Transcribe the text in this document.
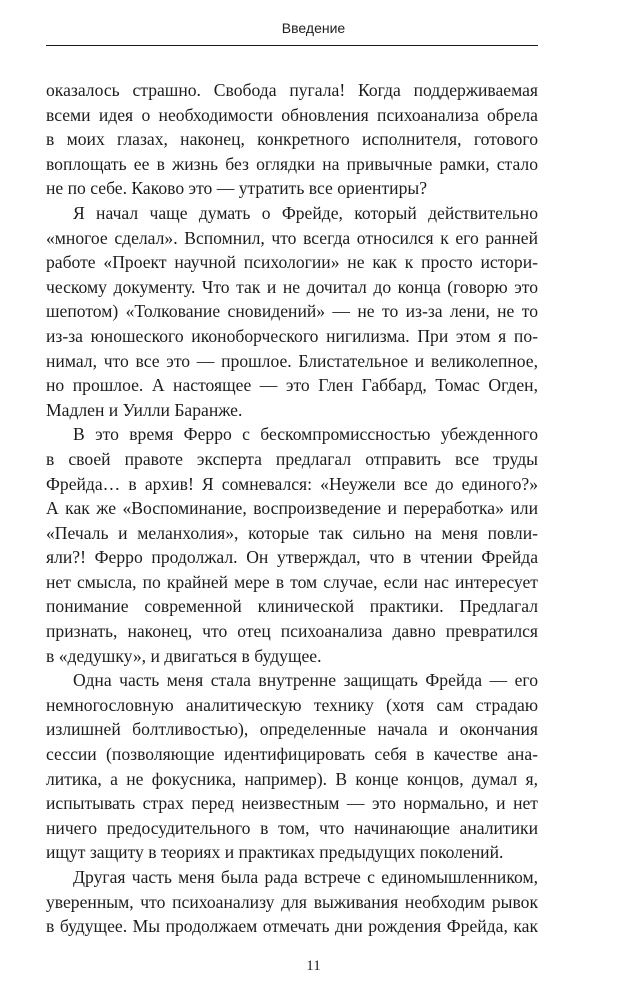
Введение
оказалось страшно. Свобода пугала! Когда поддерживаемая
всеми идея о необходимости обновления психоанализа обрела
в моих глазах, наконец, конкретного исполнителя, готового
воплощать ее в жизнь без оглядки на привычные рамки, стало
не по себе. Каково это — утратить все ориентиры?
Я начал чаще думать о Фрейде, который действительно
«многое сделал». Вспомнил, что всегда относился к его ранней
работе «Проект научной психологии» не как к просто истори-
ческому документу. Что так и не дочитал до конца (говорю это
шепотом) «Толкование сновидений» — не то из-за лени, не то
из-за юношеского иконоборческого нигилизма. При этом я по-
нимал, что все это — прошлое. Блистательное и великолепное,
но прошлое. А настоящее — это Глен Габбард, Томас Огден,
Мадлен и Уилли Баранже.
В это время Ферро с бескомпромиссностью убежденного
в своей правоте эксперта предлагал отправить все труды
Фрейда… в архив! Я сомневался: «Неужели все до единого?»
А как же «Воспоминание, воспроизведение и переработка» или
«Печаль и меланхолия», которые так сильно на меня повли-
яли?! Ферро продолжал. Он утверждал, что в чтении Фрейда
нет смысла, по крайней мере в том случае, если нас интересует
понимание современной клинической практики. Предлагал
признать, наконец, что отец психоанализа давно превратился
в «дедушку», и двигаться в будущее.
Одна часть меня стала внутренне защищать Фрейда — его
немногословную аналитическую технику (хотя сам страдаю
излишней болтливостью), определенные начала и окончания
сессии (позволяющие идентифицировать себя в качестве ана-
литика, а не фокусника, например). В конце концов, думал я,
испытывать страх перед неизвестным — это нормально, и нет
ничего предосудительного в том, что начинающие аналитики
ищут защиту в теориях и практиках предыдущих поколений.
Другая часть меня была рада встрече с единомышленником,
уверенным, что психоанализу для выживания необходим рывок
в будущее. Мы продолжаем отмечать дни рождения Фрейда, как
11
